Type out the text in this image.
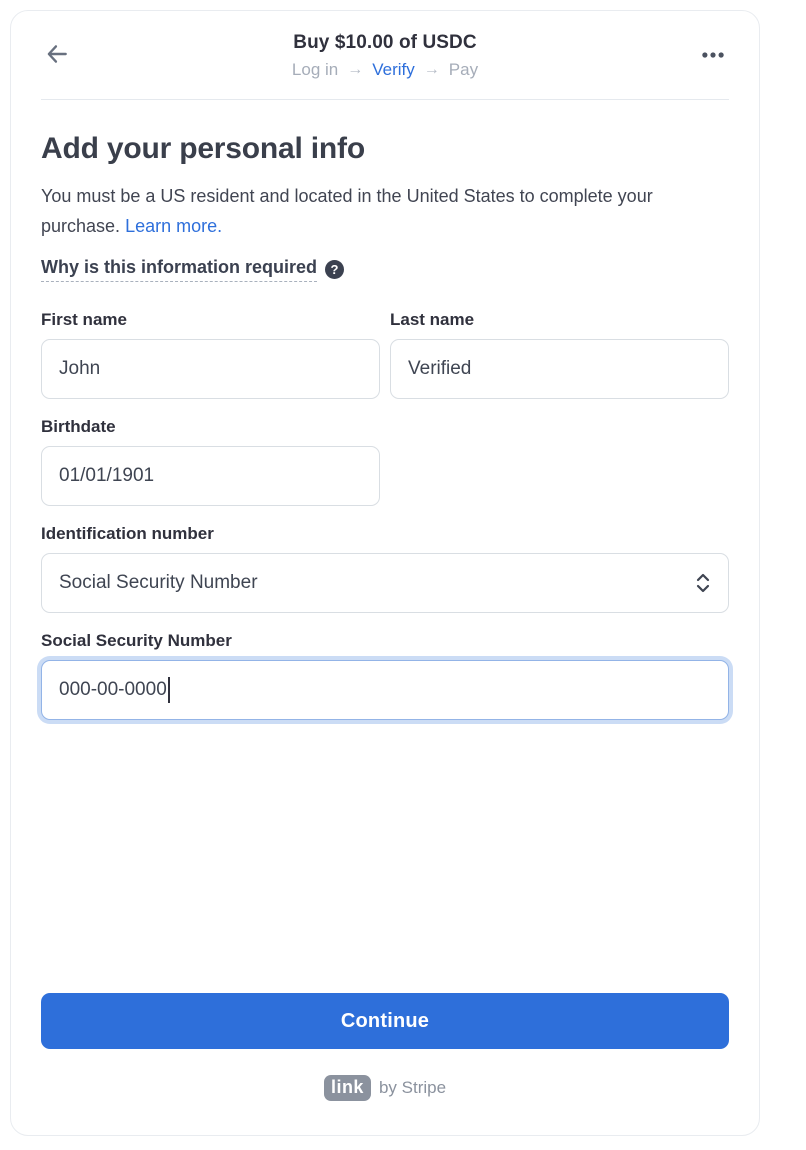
Buy $10.00 of USDC
Log in → Verify → Pay
Add your personal info

You must be a US resident and located in the United States to complete your purchase. Learn more.

Why is this information required	?
First name
John	Last name
Verified
Birthdate
01/01/1901
Identification number
Social Security Number
Social Security Number
000-00-0000
Continue
link by Stripe
